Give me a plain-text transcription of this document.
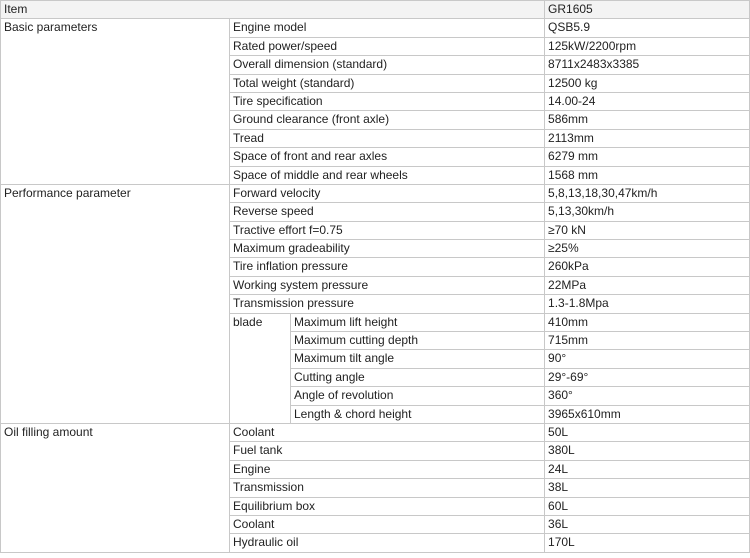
Item			GR1605
Basic parameters	Engine model		QSB5.9
	Rated power/speed		125kW/2200rpm
	Overall dimension (standard)		8711x2483x3385
	Total weight (standard)		12500 kg
	Tire specification		14.00-24
	Ground clearance (front axle)		586mm
	Tread		2113mm
	Space of front and rear axles		6279 mm
	Space of middle and rear wheels		1568 mm
Performance parameter	Forward velocity		5,8,13,18,30,47km/h
	Reverse speed		5,13,30km/h
	Tractive effort f=0.75		≥70 kN
	Maximum gradeability		≥25%
	Tire inflation pressure		260kPa
	Working system pressure		22MPa
	Transmission pressure		1.3-1.8Mpa
	blade	Maximum lift height	410mm
		Maximum cutting depth	715mm
		Maximum tilt angle	90°
		Cutting angle	29°-69°
		Angle of revolution	360°
		Length & chord height	3965x610mm
Oil filling amount	Coolant		50L
	Fuel tank		380L
	Engine		24L
	Transmission		38L
	Equilibrium box		60L
	Coolant		36L
	Hydraulic oil		170L
